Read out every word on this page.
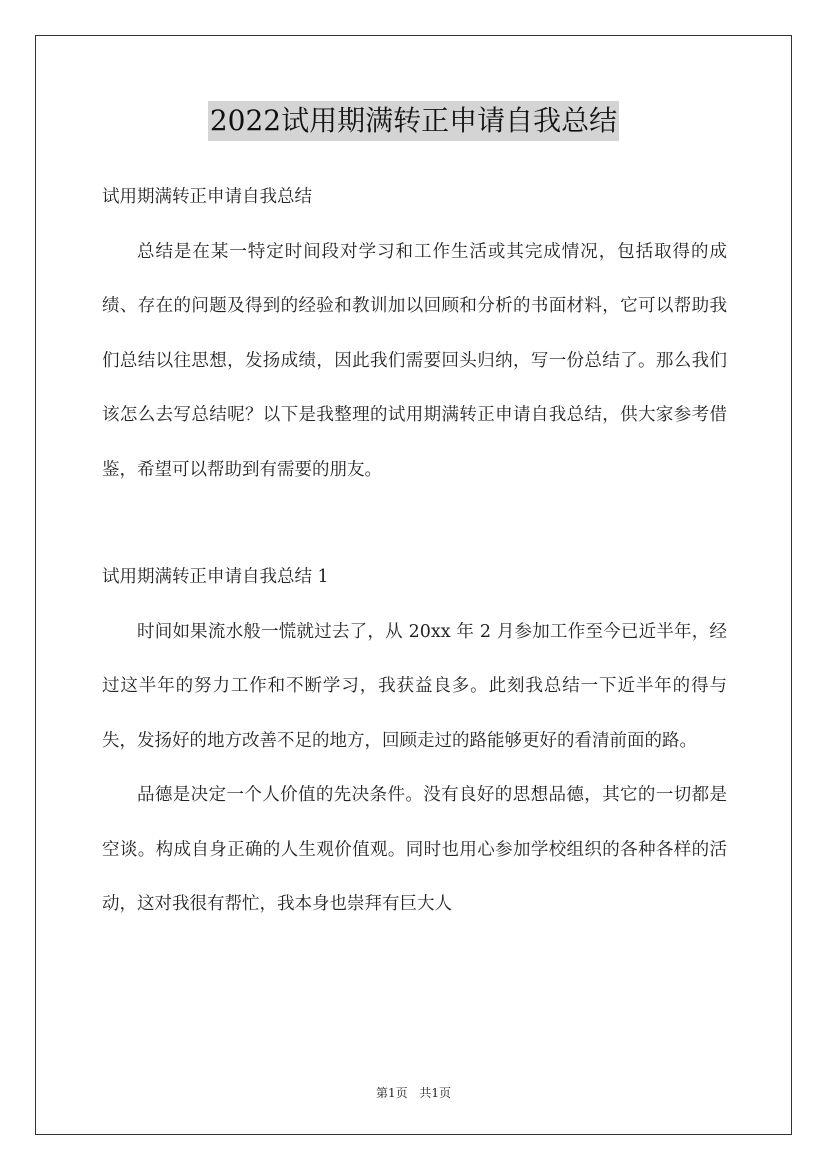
2022试用期满转正申请自我总结

试用期满转正申请自我总结

总结是在某一特定时间段对学习和工作生活或其完成情况，包括取得的成绩、存在的问题及得到的经验和教训加以回顾和分析的书面材料，它可以帮助我们总结以往思想，发扬成绩，因此我们需要回头归纳，写一份总结了。那么我们该怎么去写总结呢？以下是我整理的试用期满转正申请自我总结，供大家参考借鉴，希望可以帮助到有需要的朋友。

试用期满转正申请自我总结 1

时间如果流水般一慌就过去了，从 20xx 年 2 月参加工作至今已近半年，经过这半年的努力工作和不断学习，我获益良多。此刻我总结一下近半年的得与失，发扬好的地方改善不足的地方，回顾走过的路能够更好的看清前面的路。

品德是决定一个人价值的先决条件。没有良好的思想品德，其它的一切都是空谈。构成自身正确的人生观价值观。同时也用心参加学校组织的各种各样的活动，这对我很有帮忙，我本身也崇拜有巨大人

第1页 共1页
